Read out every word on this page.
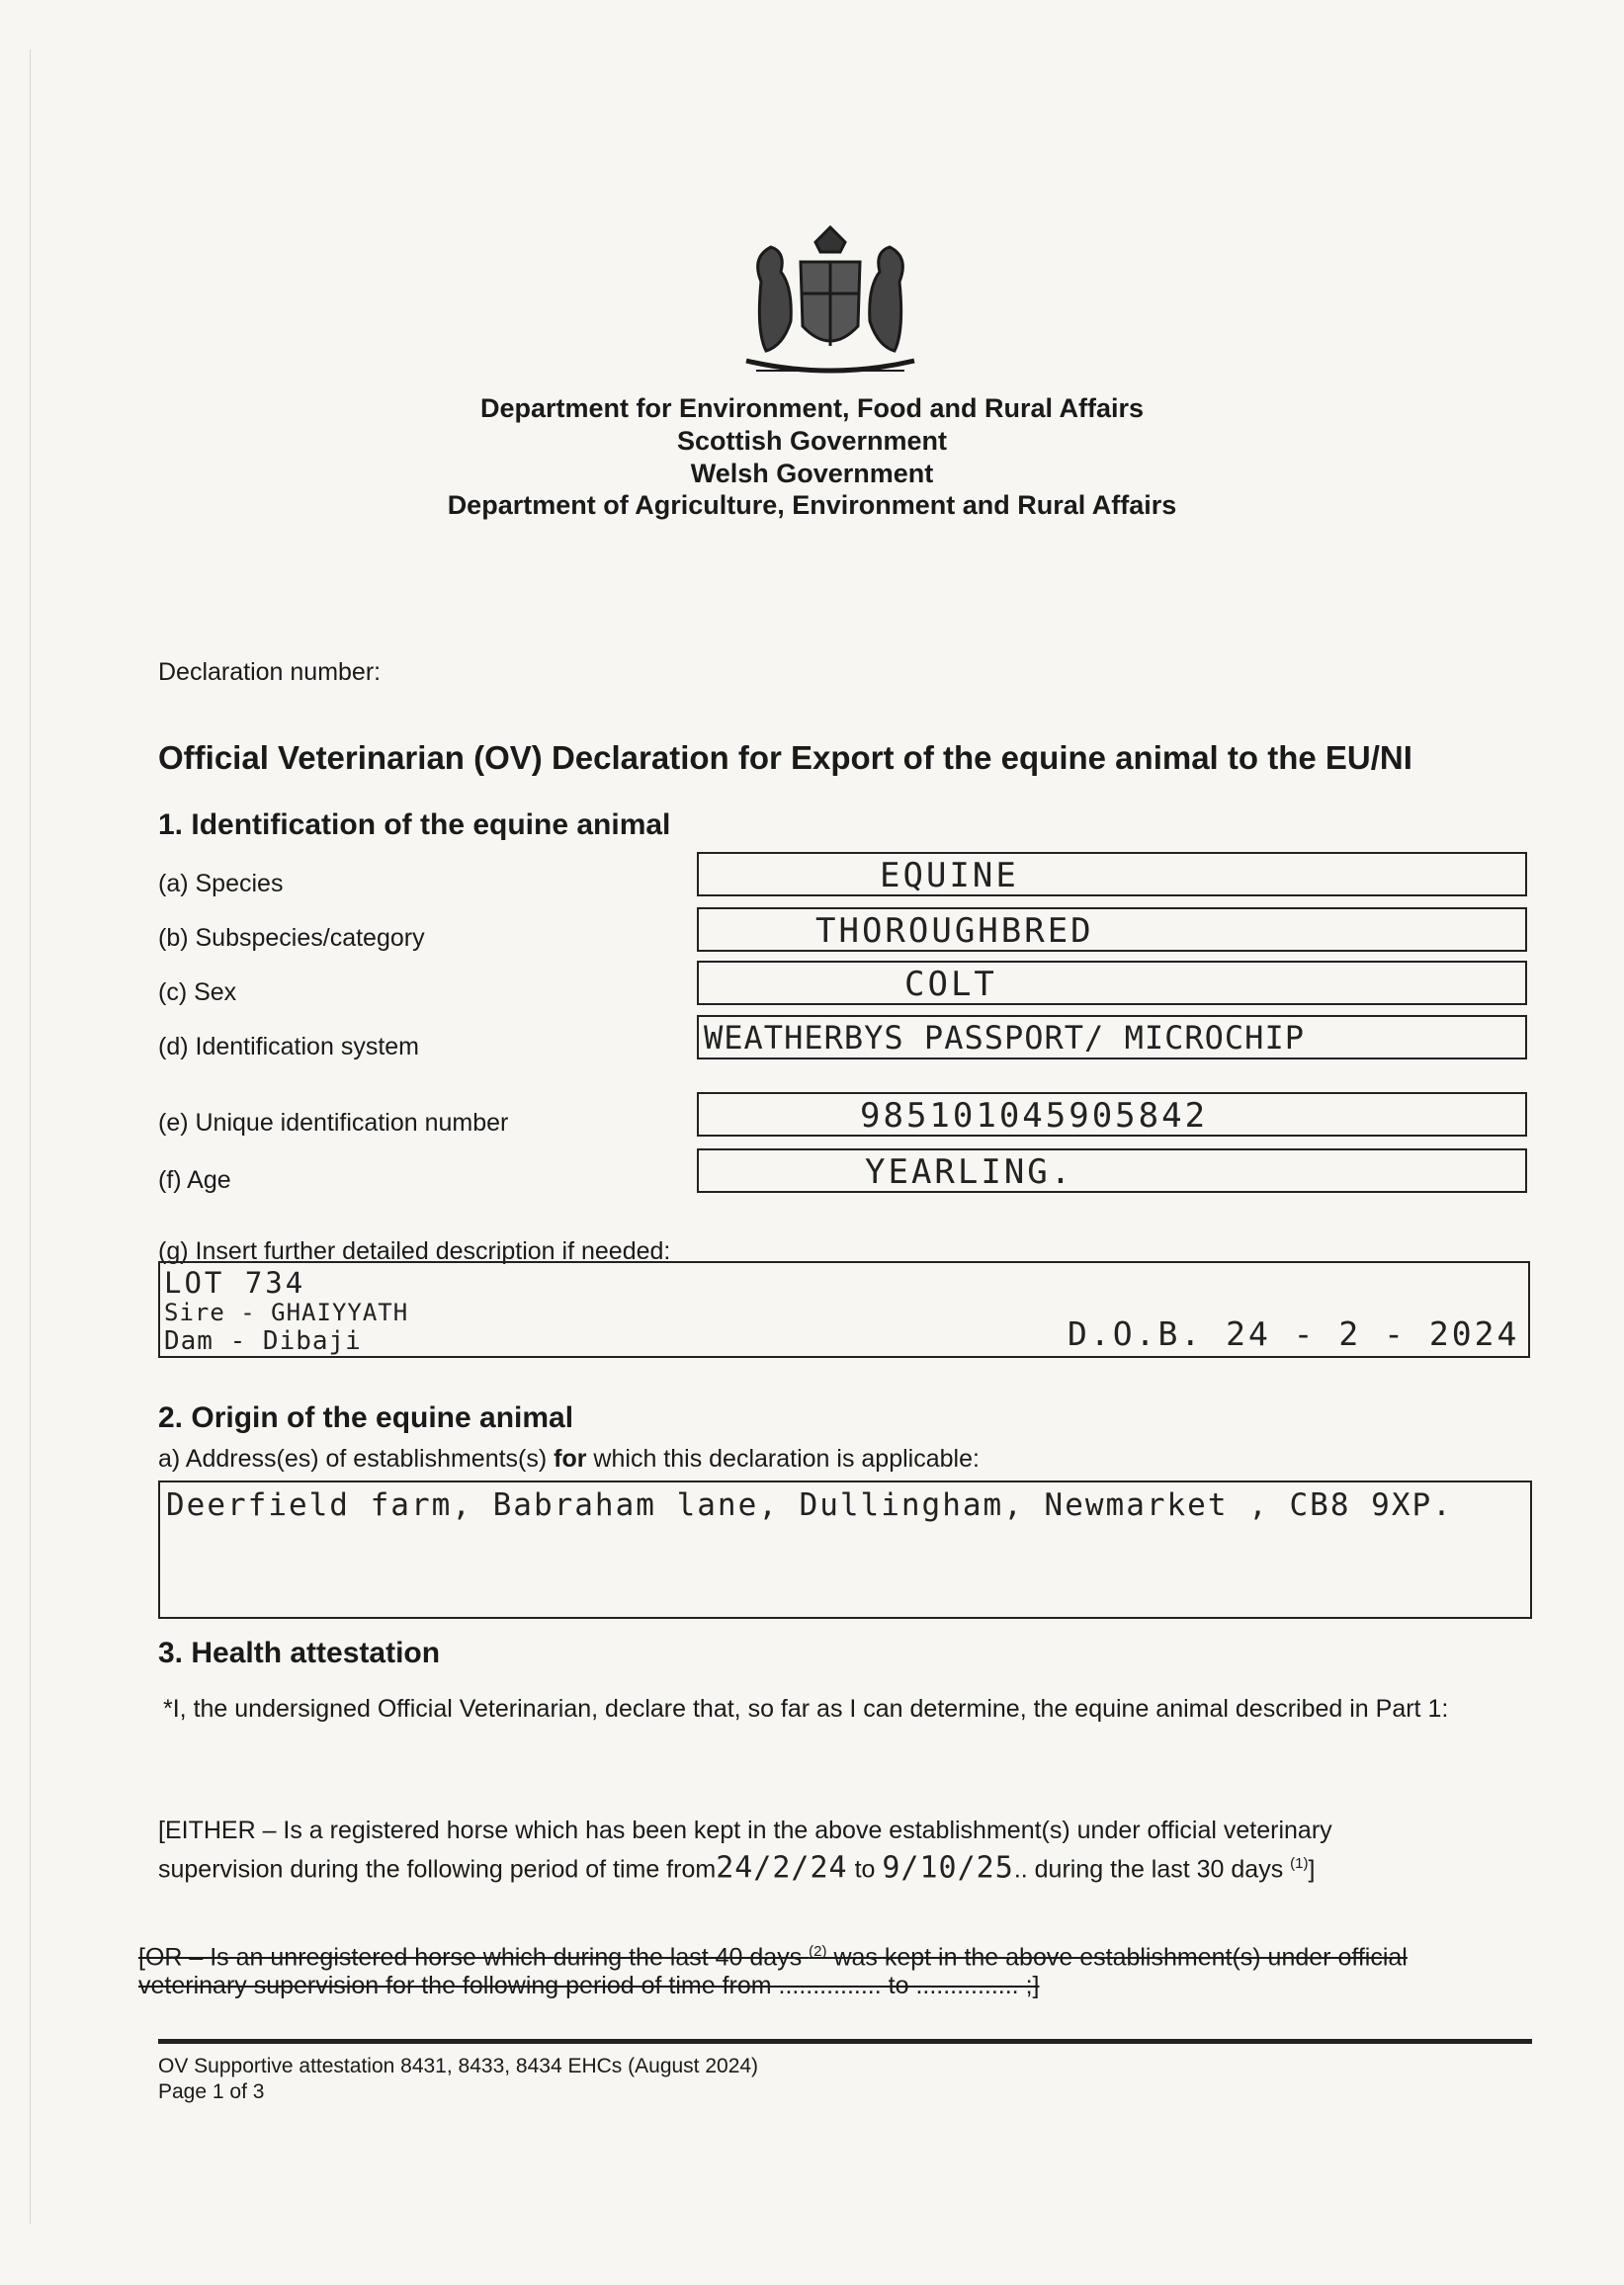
Department for Environment, Food and Rural Affairs
Scottish Government
Welsh Government
Department of Agriculture, Environment and Rural Affairs
Declaration number:
Official Veterinarian (OV) Declaration for Export of the equine animal to the EU/NI
1. Identification of the equine animal
(a) Species	EQUINE
(b) Subspecies/category	THOROUGHBRED
(c) Sex	COLT
(d) Identification system	WEATHERBYS PASSPORT/ MICROCHIP
(e) Unique identification number	985101045905842
(f) Age	YEARLING.
(g) Insert further detailed description if needed:
LOT 734
Sire - GHAIYYATH
Dam - Dibaji	D.O.B. 24 - 2 - 2024
2. Origin of the equine animal
a) Address(es) of establishments(s) for which this declaration is applicable:
Deerfield farm, Babraham lane, Dullingham, Newmarket , CB8 9XP.
3. Health attestation
*I, the undersigned Official Veterinarian, declare that, so far as I can determine, the equine animal described in Part 1:
[EITHER – Is a registered horse which has been kept in the above establishment(s) under official veterinary
supervision during the following period of time from24/2/24 to 9/10/25.. during the last 30 days $^{(1)}$]
[OR – Is an unregistered horse which during the last 40 days $^{(2)}$ was kept in the above establishment(s) under official
veterinary supervision for the following period of time from ............... to ............... ;]
OV Supportive attestation 8431, 8433, 8434 EHCs (August 2024)
Page 1 of 3
